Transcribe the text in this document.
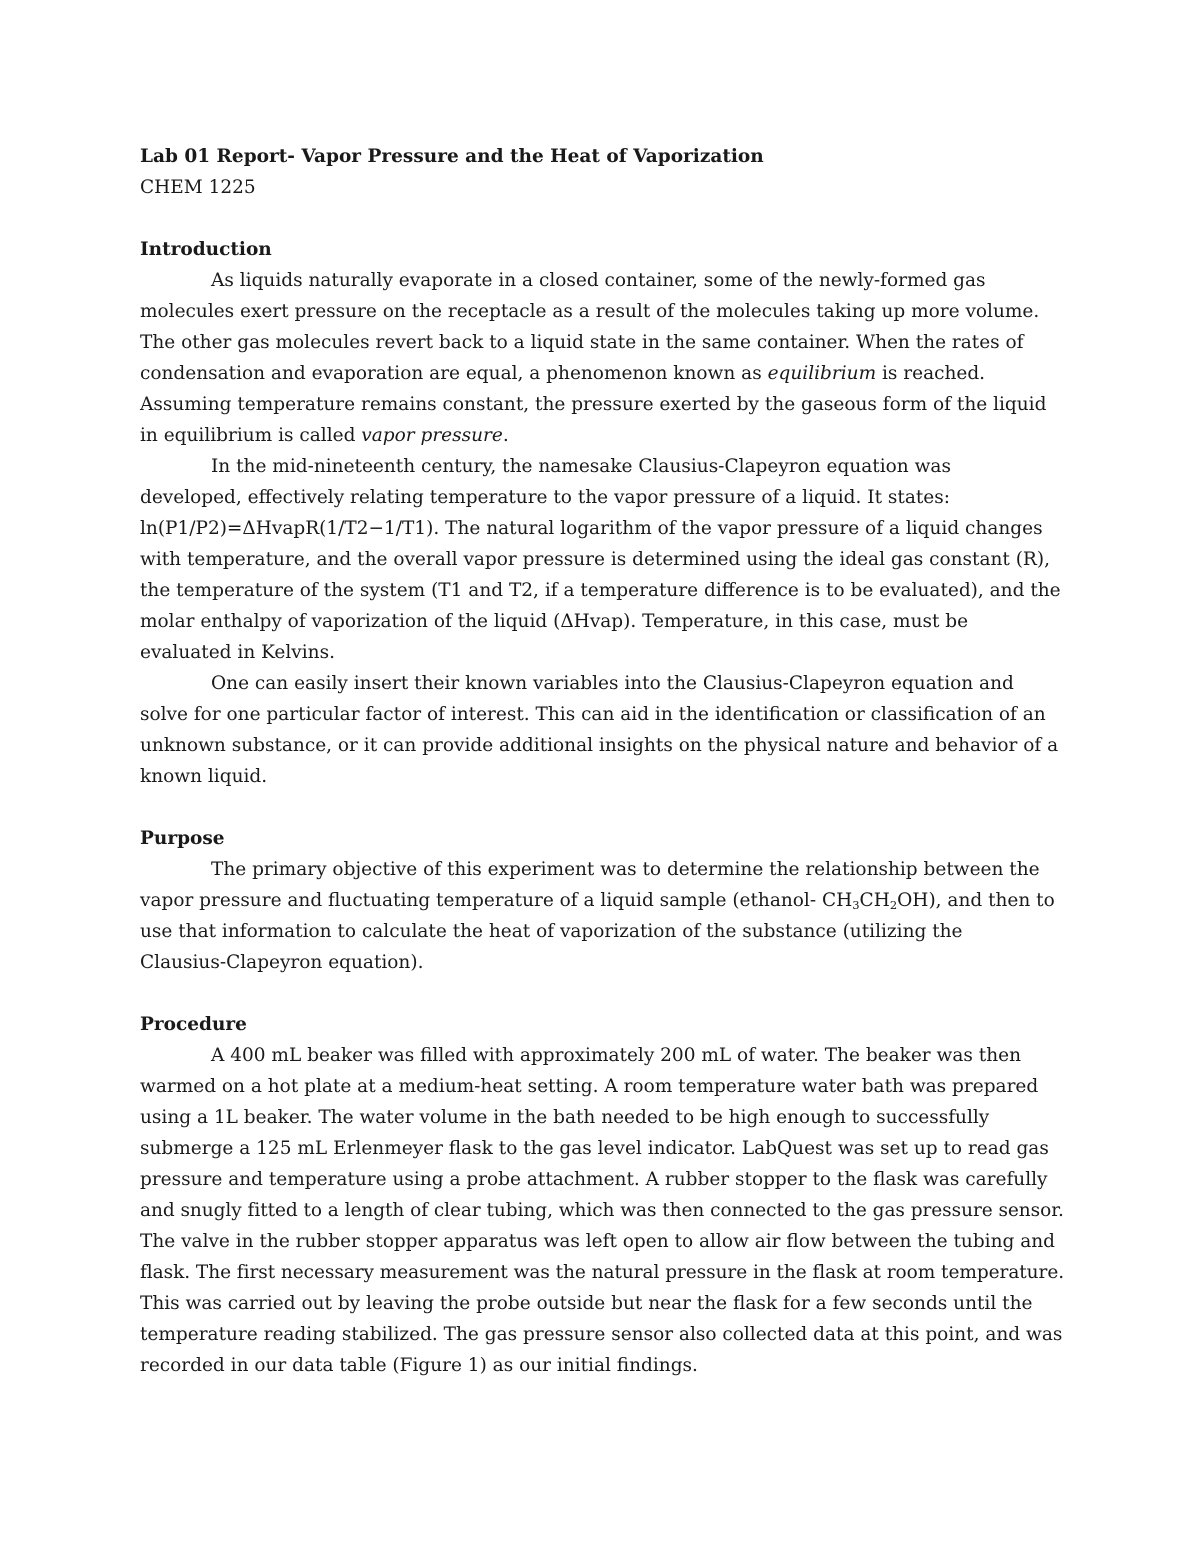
Lab 01 Report- Vapor Pressure and the Heat of Vaporization
CHEM 1225
Introduction
As liquids naturally evaporate in a closed container, some of the newly-formed gas
molecules exert pressure on the receptacle as a result of the molecules taking up more volume.
The other gas molecules revert back to a liquid state in the same container. When the rates of
condensation and evaporation are equal, a phenomenon known as equilibrium is reached.
Assuming temperature remains constant, the pressure exerted by the gaseous form of the liquid
in equilibrium is called vapor pressure.
In the mid-nineteenth century, the namesake Clausius-Clapeyron equation was
developed, effectively relating temperature to the vapor pressure of a liquid. It states:
ln(P1/P2)=ΔHvapR(1/T2−1/T1). The natural logarithm of the vapor pressure of a liquid changes
with temperature, and the overall vapor pressure is determined using the ideal gas constant (R),
the temperature of the system (T1 and T2, if a temperature difference is to be evaluated), and the
molar enthalpy of vaporization of the liquid (ΔHvap). Temperature, in this case, must be
evaluated in Kelvins.
One can easily insert their known variables into the Clausius-Clapeyron equation and
solve for one particular factor of interest. This can aid in the identification or classification of an
unknown substance, or it can provide additional insights on the physical nature and behavior of a
known liquid.
Purpose
The primary objective of this experiment was to determine the relationship between the
vapor pressure and fluctuating temperature of a liquid sample (ethanol- $CH_3CH_2OH$), and then to
use that information to calculate the heat of vaporization of the substance (utilizing the
Clausius-Clapeyron equation).
Procedure
A 400 mL beaker was filled with approximately 200 mL of water. The beaker was then
warmed on a hot plate at a medium-heat setting. A room temperature water bath was prepared
using a 1L beaker. The water volume in the bath needed to be high enough to successfully
submerge a 125 mL Erlenmeyer flask to the gas level indicator. LabQuest was set up to read gas
pressure and temperature using a probe attachment. A rubber stopper to the flask was carefully
and snugly fitted to a length of clear tubing, which was then connected to the gas pressure sensor.
The valve in the rubber stopper apparatus was left open to allow air flow between the tubing and
flask. The first necessary measurement was the natural pressure in the flask at room temperature.
This was carried out by leaving the probe outside but near the flask for a few seconds until the
temperature reading stabilized. The gas pressure sensor also collected data at this point, and was
recorded in our data table (Figure 1) as our initial findings.
